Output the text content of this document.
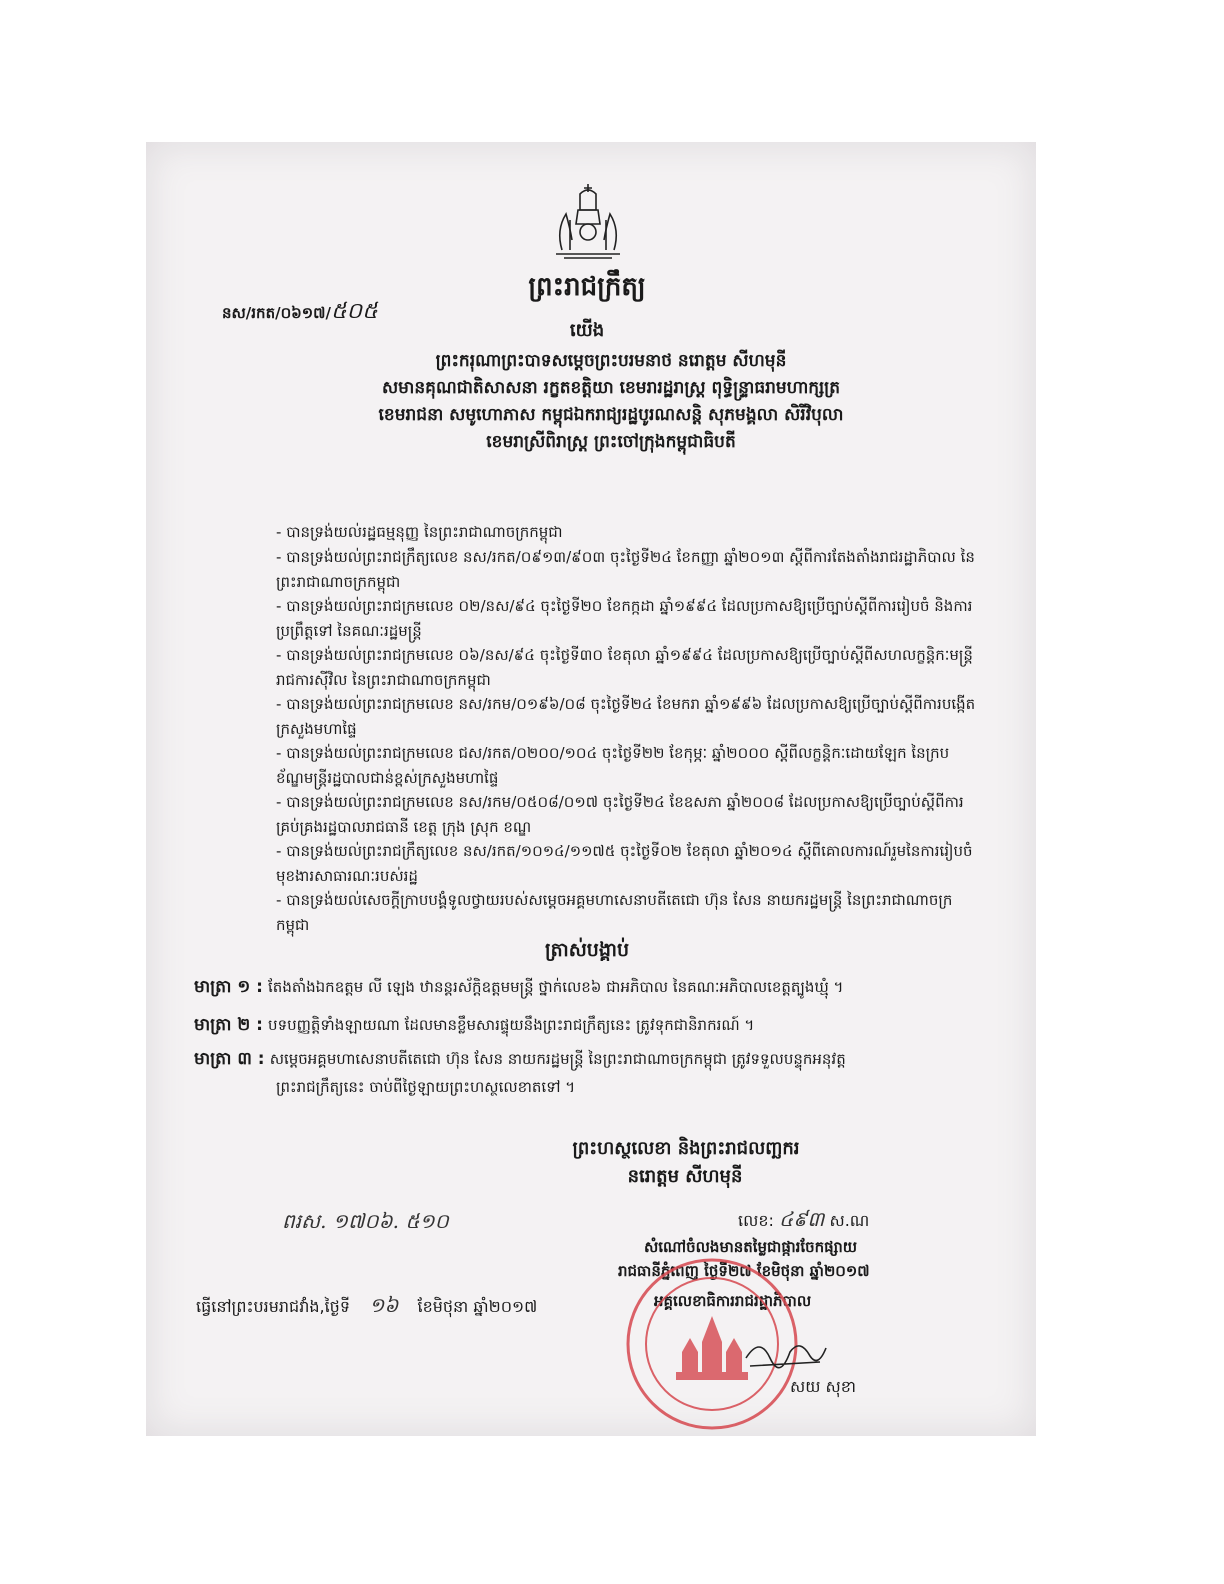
ព្រះរាជក្រឹត្យ
នស/រកត/០៦១៧/៥០៥
យើង
ព្រះករុណាព្រះបាទសម្ដេចព្រះបរមនាថ នរោត្តម សីហមុនី
សមានគុណជាតិសាសនា រក្ខតខត្តិយា ខេមរារដ្ឋរាស្ត្រ ពុទ្ធិន្ទ្រាធរាមហាក្សត្រ
ខេមរាជនា សមូហោភាស កម្ពុជឯករាជ្យរដ្ឋបូរណសន្តិ សុភមង្គលា សិរីវិបុលា
ខេមរាស្រីពិរាស្ត្រ ព្រះចៅក្រុងកម្ពុជាធិបតី
- បានទ្រង់យល់រដ្ឋធម្មនុញ្ញ នៃព្រះរាជាណាចក្រកម្ពុជា
- បានទ្រង់យល់ព្រះរាជក្រឹត្យលេខ នស/រកត/០៩១៣/៩០៣ ចុះថ្ងៃទី២៤ ខែកញ្ញា ឆ្នាំ២០១៣ ស្ដីពីការតែងតាំងរាជរដ្ឋាភិបាល នៃព្រះរាជាណាចក្រកម្ពុជា
- បានទ្រង់យល់ព្រះរាជក្រមលេខ ០២/នស/៩៤ ចុះថ្ងៃទី២០ ខែកក្កដា ឆ្នាំ១៩៩៤ ដែលប្រកាសឱ្យប្រើច្បាប់ស្ដីពីការរៀបចំ និងការប្រព្រឹត្តទៅ នៃគណៈរដ្ឋមន្ត្រី
- បានទ្រង់យល់ព្រះរាជក្រមលេខ ០៦/នស/៩៤ ចុះថ្ងៃទី៣០ ខែតុលា ឆ្នាំ១៩៩៤ ដែលប្រកាសឱ្យប្រើច្បាប់ស្ដីពីសហលក្ខន្តិកៈមន្ត្រីរាជការស៊ីវិល នៃព្រះរាជាណាចក្រកម្ពុជា
- បានទ្រង់យល់ព្រះរាជក្រមលេខ នស/រកម/០១៩៦/០៨ ចុះថ្ងៃទី២៤ ខែមករា ឆ្នាំ១៩៩៦ ដែលប្រកាសឱ្យប្រើច្បាប់ស្ដីពីការបង្កើតក្រសួងមហាផ្ទៃ
- បានទ្រង់យល់ព្រះរាជក្រមលេខ ជស/រកត/០២០០/១០៤ ចុះថ្ងៃទី២២ ខែកុម្ភៈ ឆ្នាំ២០០០ ស្ដីពីលក្ខន្តិកៈដោយឡែក នៃក្របខ័ណ្ឌមន្ត្រីរដ្ឋបាលជាន់ខ្ពស់ក្រសួងមហាផ្ទៃ
- បានទ្រង់យល់ព្រះរាជក្រមលេខ នស/រកម/០៥០៨/០១៧ ចុះថ្ងៃទី២៤ ខែឧសភា ឆ្នាំ២០០៨ ដែលប្រកាសឱ្យប្រើច្បាប់ស្ដីពីការគ្រប់គ្រងរដ្ឋបាលរាជធានី ខេត្ត ក្រុង ស្រុក ខណ្ឌ
- បានទ្រង់យល់ព្រះរាជក្រឹត្យលេខ នស/រកត/១០១៤/១១៧៥ ចុះថ្ងៃទី០២ ខែតុលា ឆ្នាំ២០១៤ ស្ដីពីគោលការណ៍រួមនៃការរៀបចំមុខងារសាធារណៈរបស់រដ្ឋ
- បានទ្រង់យល់សេចក្ដីក្រាបបង្គំទូលថ្វាយរបស់សម្ដេចអគ្គមហាសេនាបតីតេជោ ហ៊ុន សែន នាយករដ្ឋមន្ត្រី នៃព្រះរាជាណាចក្រកម្ពុជា
ត្រាស់បង្គាប់
មាត្រា ១ : តែងតាំងឯកឧត្ដម លី ឡេង ឋានន្តរស័ក្តិឧត្ដមមន្ត្រី ថ្នាក់លេខ៦ ជាអភិបាល នៃគណៈអភិបាលខេត្តត្បូងឃ្មុំ ។
មាត្រា ២ : បទបញ្ញត្តិទាំងឡាយណា ដែលមានខ្លឹមសារផ្ទុយនឹងព្រះរាជក្រឹត្យនេះ ត្រូវទុកជានិរាករណ៍ ។
មាត្រា ៣ : សម្ដេចអគ្គមហាសេនាបតីតេជោ ហ៊ុន សែន នាយករដ្ឋមន្ត្រី នៃព្រះរាជាណាចក្រកម្ពុជា ត្រូវទទួលបន្ទុកអនុវត្ត
ព្រះរាជក្រឹត្យនេះ ចាប់ពីថ្ងៃឡាយព្រះហស្ថលេខាតទៅ ។
ព្រះហស្ថលេខា និងព្រះរាជលញ្ឆករ
នរោត្តម សីហមុនី
ពរស. ១៧០៦. ៥១០	លេខ: ៤៩៣ ស.ណ
សំណៅចំលងមានតម្លៃជាផ្ការចែកផ្សាយ
រាជធានីភ្នំពេញ ថ្ងៃទី២៧ ខែមិថុនា ឆ្នាំ២០១៧
អគ្គលេខាធិការរាជរដ្ឋាភិបាល
ធ្វើនៅព្រះបរមរាជវាំង,ថ្ងៃទី ១៦ ខែមិថុនា ឆ្នាំ២០១៧
សយ សុខា
